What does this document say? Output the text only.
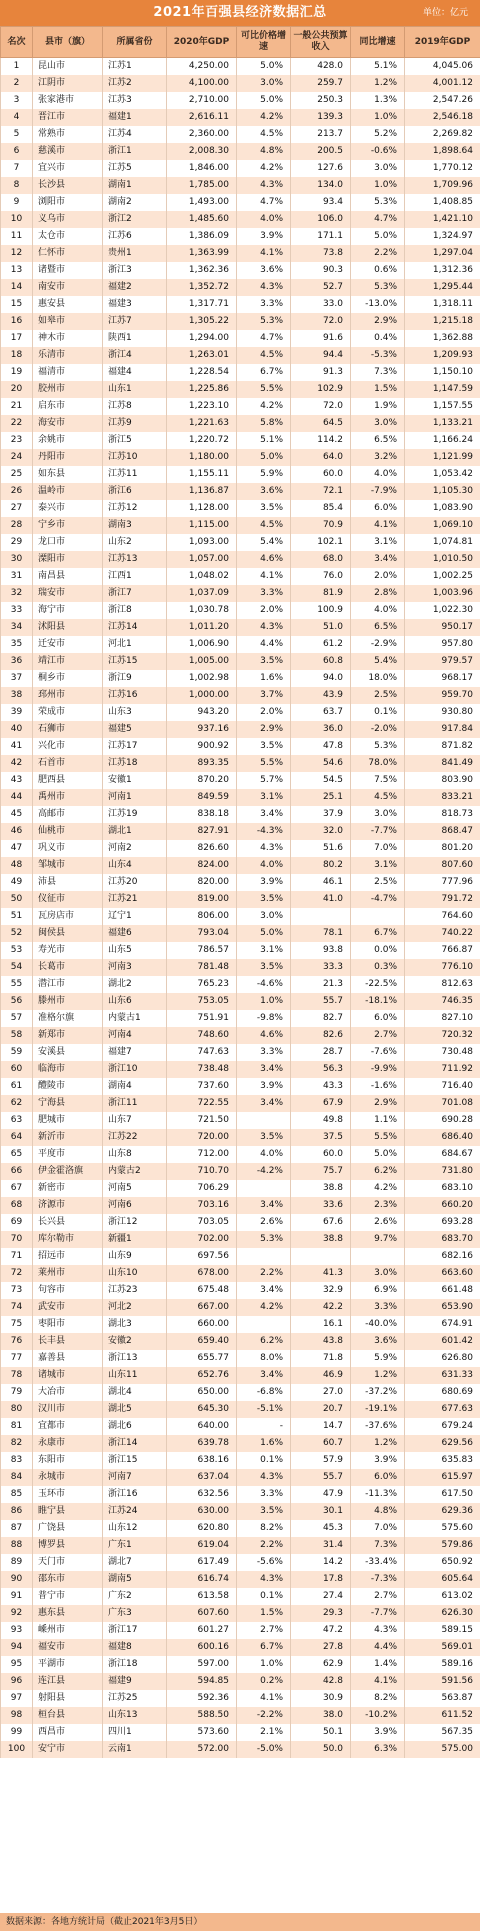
2021年百强县经济数据汇总	单位：亿元
名次	县市（旗）	所属省份	2020年GDP	可比价格增速	一般公共预算收入	同比增速	2019年GDP
1	昆山市	江苏1	4,250.00	5.0%	428.0	5.1%	4,045.06
2	江阴市	江苏2	4,100.00	3.0%	259.7	1.2%	4,001.12
3	张家港市	江苏3	2,710.00	5.0%	250.3	1.3%	2,547.26
4	晋江市	福建1	2,616.11	4.2%	139.3	1.0%	2,546.18
5	常熟市	江苏4	2,360.00	4.5%	213.7	5.2%	2,269.82
6	慈溪市	浙江1	2,008.30	4.8%	200.5	-0.6%	1,898.64
7	宜兴市	江苏5	1,846.00	4.2%	127.6	3.0%	1,770.12
8	长沙县	湖南1	1,785.00	4.3%	134.0	1.0%	1,709.96
9	浏阳市	湖南2	1,493.00	4.7%	93.4	5.3%	1,408.85
10	义乌市	浙江2	1,485.60	4.0%	106.0	4.7%	1,421.10
11	太仓市	江苏6	1,386.09	3.9%	171.1	5.0%	1,324.97
12	仁怀市	贵州1	1,363.99	4.1%	73.8	2.2%	1,297.04
13	诸暨市	浙江3	1,362.36	3.6%	90.3	0.6%	1,312.36
14	南安市	福建2	1,352.72	4.3%	52.7	5.3%	1,295.44
15	惠安县	福建3	1,317.71	3.3%	33.0	-13.0%	1,318.11
16	如皋市	江苏7	1,305.22	5.3%	72.0	2.9%	1,215.18
17	神木市	陕西1	1,294.00	4.7%	91.6	0.4%	1,362.88
18	乐清市	浙江4	1,263.01	4.5%	94.4	-5.3%	1,209.93
19	福清市	福建4	1,228.54	6.7%	91.3	7.3%	1,150.10
20	胶州市	山东1	1,225.86	5.5%	102.9	1.5%	1,147.59
21	启东市	江苏8	1,223.10	4.2%	72.0	1.9%	1,157.55
22	海安市	江苏9	1,221.63	5.8%	64.5	3.0%	1,133.21
23	余姚市	浙江5	1,220.72	5.1%	114.2	6.5%	1,166.24
24	丹阳市	江苏10	1,180.00	5.0%	64.0	3.2%	1,121.99
25	如东县	江苏11	1,155.11	5.9%	60.0	4.0%	1,053.42
26	温岭市	浙江6	1,136.87	3.6%	72.1	-7.9%	1,105.30
27	泰兴市	江苏12	1,128.00	3.5%	85.4	6.0%	1,083.90
28	宁乡市	湖南3	1,115.00	4.5%	70.9	4.1%	1,069.10
29	龙口市	山东2	1,093.00	5.4%	102.1	3.1%	1,074.81
30	溧阳市	江苏13	1,057.00	4.6%	68.0	3.4%	1,010.50
31	南昌县	江西1	1,048.02	4.1%	76.0	2.0%	1,002.25
32	瑞安市	浙江7	1,037.09	3.3%	81.9	2.8%	1,003.96
33	海宁市	浙江8	1,030.78	2.0%	100.9	4.0%	1,022.30
34	沭阳县	江苏14	1,011.20	4.3%	51.0	6.5%	950.17
35	迁安市	河北1	1,006.90	4.4%	61.2	-2.9%	957.80
36	靖江市	江苏15	1,005.00	3.5%	60.8	5.4%	979.57
37	桐乡市	浙江9	1,002.98	1.6%	94.0	18.0%	968.17
38	邳州市	江苏16	1,000.00	3.7%	43.9	2.5%	959.70
39	荣成市	山东3	943.20	2.0%	63.7	0.1%	930.80
40	石狮市	福建5	937.16	2.9%	36.0	-2.0%	917.84
41	兴化市	江苏17	900.92	3.5%	47.8	5.3%	871.82
42	石首市	江苏18	893.35	5.5%	54.6	78.0%	841.49
43	肥西县	安徽1	870.20	5.7%	54.5	7.5%	803.90
44	禹州市	河南1	849.59	3.1%	25.1	4.5%	833.21
45	高邮市	江苏19	838.18	3.4%	37.9	3.0%	818.73
46	仙桃市	湖北1	827.91	-4.3%	32.0	-7.7%	868.47
47	巩义市	河南2	826.60	4.3%	51.6	7.0%	801.20
48	邹城市	山东4	824.00	4.0%	80.2	3.1%	807.60
49	沛县	江苏20	820.00	3.9%	46.1	2.5%	777.96
50	仪征市	江苏21	819.00	3.5%	41.0	-4.7%	791.72
51	瓦房店市	辽宁1	806.00	3.0%			764.60
52	闽侯县	福建6	793.04	5.0%	78.1	6.7%	740.22
53	寿光市	山东5	786.57	3.1%	93.8	0.0%	766.87
54	长葛市	河南3	781.48	3.5%	33.3	0.3%	776.10
55	潜江市	湖北2	765.23	-4.6%	21.3	-22.5%	812.63
56	滕州市	山东6	753.05	1.0%	55.7	-18.1%	746.35
57	准格尔旗	内蒙古1	751.91	-9.8%	82.7	6.0%	827.10
58	新郑市	河南4	748.60	4.6%	82.6	2.7%	720.32
59	安溪县	福建7	747.63	3.3%	28.7	-7.6%	730.48
60	临海市	浙江10	738.48	3.4%	56.3	-9.9%	711.92
61	醴陵市	湖南4	737.60	3.9%	43.3	-1.6%	716.40
62	宁海县	浙江11	722.55	3.4%	67.9	2.9%	701.08
63	肥城市	山东7	721.50		49.8	1.1%	690.28
64	新沂市	江苏22	720.00	3.5%	37.5	5.5%	686.40
65	平度市	山东8	712.00	4.0%	60.0	5.0%	684.67
66	伊金霍洛旗	内蒙古2	710.70	-4.2%	75.7	6.2%	731.80
67	新密市	河南5	706.29		38.8	4.2%	683.10
68	济源市	河南6	703.16	3.4%	33.6	2.3%	660.20
69	长兴县	浙江12	703.05	2.6%	67.6	2.6%	693.28
70	库尔勒市	新疆1	702.00	5.3%	38.8	9.7%	683.70
71	招远市	山东9	697.56				682.16
72	莱州市	山东10	678.00	2.2%	41.3	3.0%	663.60
73	句容市	江苏23	675.48	3.4%	32.9	6.9%	661.48
74	武安市	河北2	667.00	4.2%	42.2	3.3%	653.90
75	枣阳市	湖北3	660.00		16.1	-40.0%	674.91
76	长丰县	安徽2	659.40	6.2%	43.8	3.6%	601.42
77	嘉善县	浙江13	655.77	8.0%	71.8	5.9%	626.80
78	诸城市	山东11	652.76	3.4%	46.9	1.2%	631.33
79	大冶市	湖北4	650.00	-6.8%	27.0	-37.2%	680.69
80	汉川市	湖北5	645.30	-5.1%	20.7	-19.1%	677.63
81	宜都市	湖北6	640.00	-	14.7	-37.6%	679.24
82	永康市	浙江14	639.78	1.6%	60.7	1.2%	629.56
83	东阳市	浙江15	638.16	0.1%	57.9	3.9%	635.83
84	永城市	河南7	637.04	4.3%	55.7	6.0%	615.97
85	玉环市	浙江16	632.56	3.3%	47.9	-11.3%	617.50
86	睢宁县	江苏24	630.00	3.5%	30.1	4.8%	629.36
87	广饶县	山东12	620.80	8.2%	45.3	7.0%	575.60
88	博罗县	广东1	619.04	2.2%	31.4	7.3%	579.86
89	天门市	湖北7	617.49	-5.6%	14.2	-33.4%	650.92
90	邵东市	湖南5	616.74	4.3%	17.8	-7.3%	605.64
91	普宁市	广东2	613.58	0.1%	27.4	2.7%	613.02
92	惠东县	广东3	607.60	1.5%	29.3	-7.7%	626.30
93	嵊州市	浙江17	601.27	2.7%	47.2	4.3%	589.15
94	福安市	福建8	600.16	6.7%	27.8	4.4%	569.01
95	平湖市	浙江18	597.00	1.0%	62.9	1.4%	589.16
96	连江县	福建9	594.85	0.2%	42.8	4.1%	591.56
97	射阳县	江苏25	592.36	4.1%	30.9	8.2%	563.87
98	桓台县	山东13	588.50	-2.2%	38.0	-10.2%	611.52
99	西昌市	四川1	573.60	2.1%	50.1	3.9%	567.35
100	安宁市	云南1	572.00	-5.0%	50.0	6.3%	575.00
数据来源：各地方统计局（截止2021年3月5日）
